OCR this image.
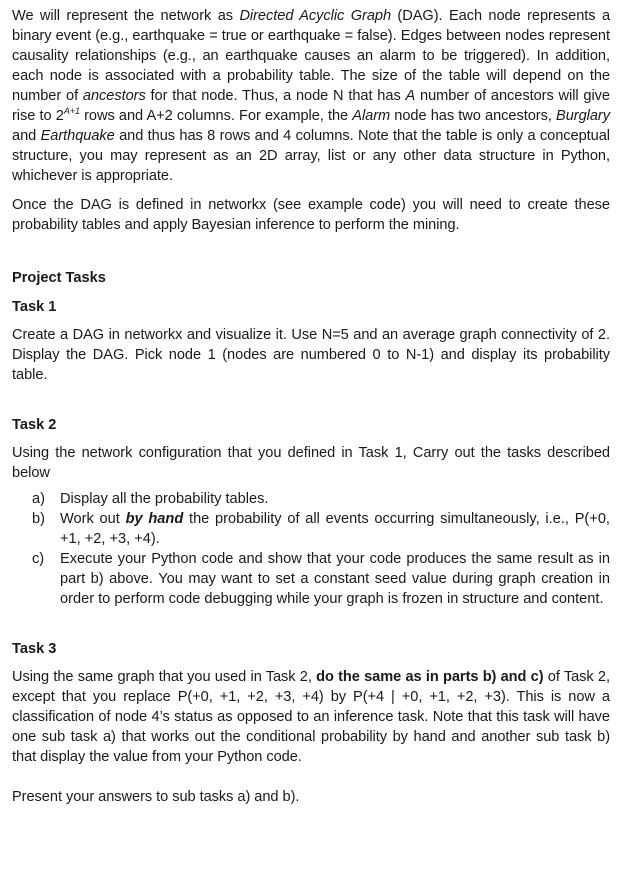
We will represent the network as Directed Acyclic Graph (DAG). Each node represents a binary event (e.g., earthquake = true or earthquake = false). Edges between nodes represent causality relationships (e.g., an earthquake causes an alarm to be triggered). In addition, each node is associated with a probability table. The size of the table will depend on the number of ancestors for that node. Thus, a node N that has A number of ancestors will give rise to $2^{A+1}$ rows and A+2 columns. For example, the Alarm node has two ancestors, Burglary and Earthquake and thus has 8 rows and 4 columns. Note that the table is only a conceptual structure, you may represent as an 2D array, list or any other data structure in Python, whichever is appropriate.

Once the DAG is defined in networkx (see example code) you will need to create these probability tables and apply Bayesian inference to perform the mining.

Project Tasks

Task 1

Create a DAG in networkx and visualize it. Use N=5 and an average graph connectivity of 2. Display the DAG. Pick node 1 (nodes are numbered 0 to N-1) and display its probability table.

Task 2

Using the network configuration that you defined in Task 1, Carry out the tasks described below

a) Display all the probability tables.
b) Work out by hand the probability of all events occurring simultaneously, i.e., P(+0, +1, +2, +3, +4).
c) Execute your Python code and show that your code produces the same result as in part b) above. You may want to set a constant seed value during graph creation in order to perform code debugging while your graph is frozen in structure and content.

Task 3

Using the same graph that you used in Task 2, do the same as in parts b) and c) of Task 2, except that you replace P(+0, +1, +2, +3, +4) by P(+4 | +0, +1, +2, +3). This is now a classification of node 4’s status as opposed to an inference task. Note that this task will have one sub task a) that works out the conditional probability by hand and another sub task b) that display the value from your Python code.

Present your answers to sub tasks a) and b).
